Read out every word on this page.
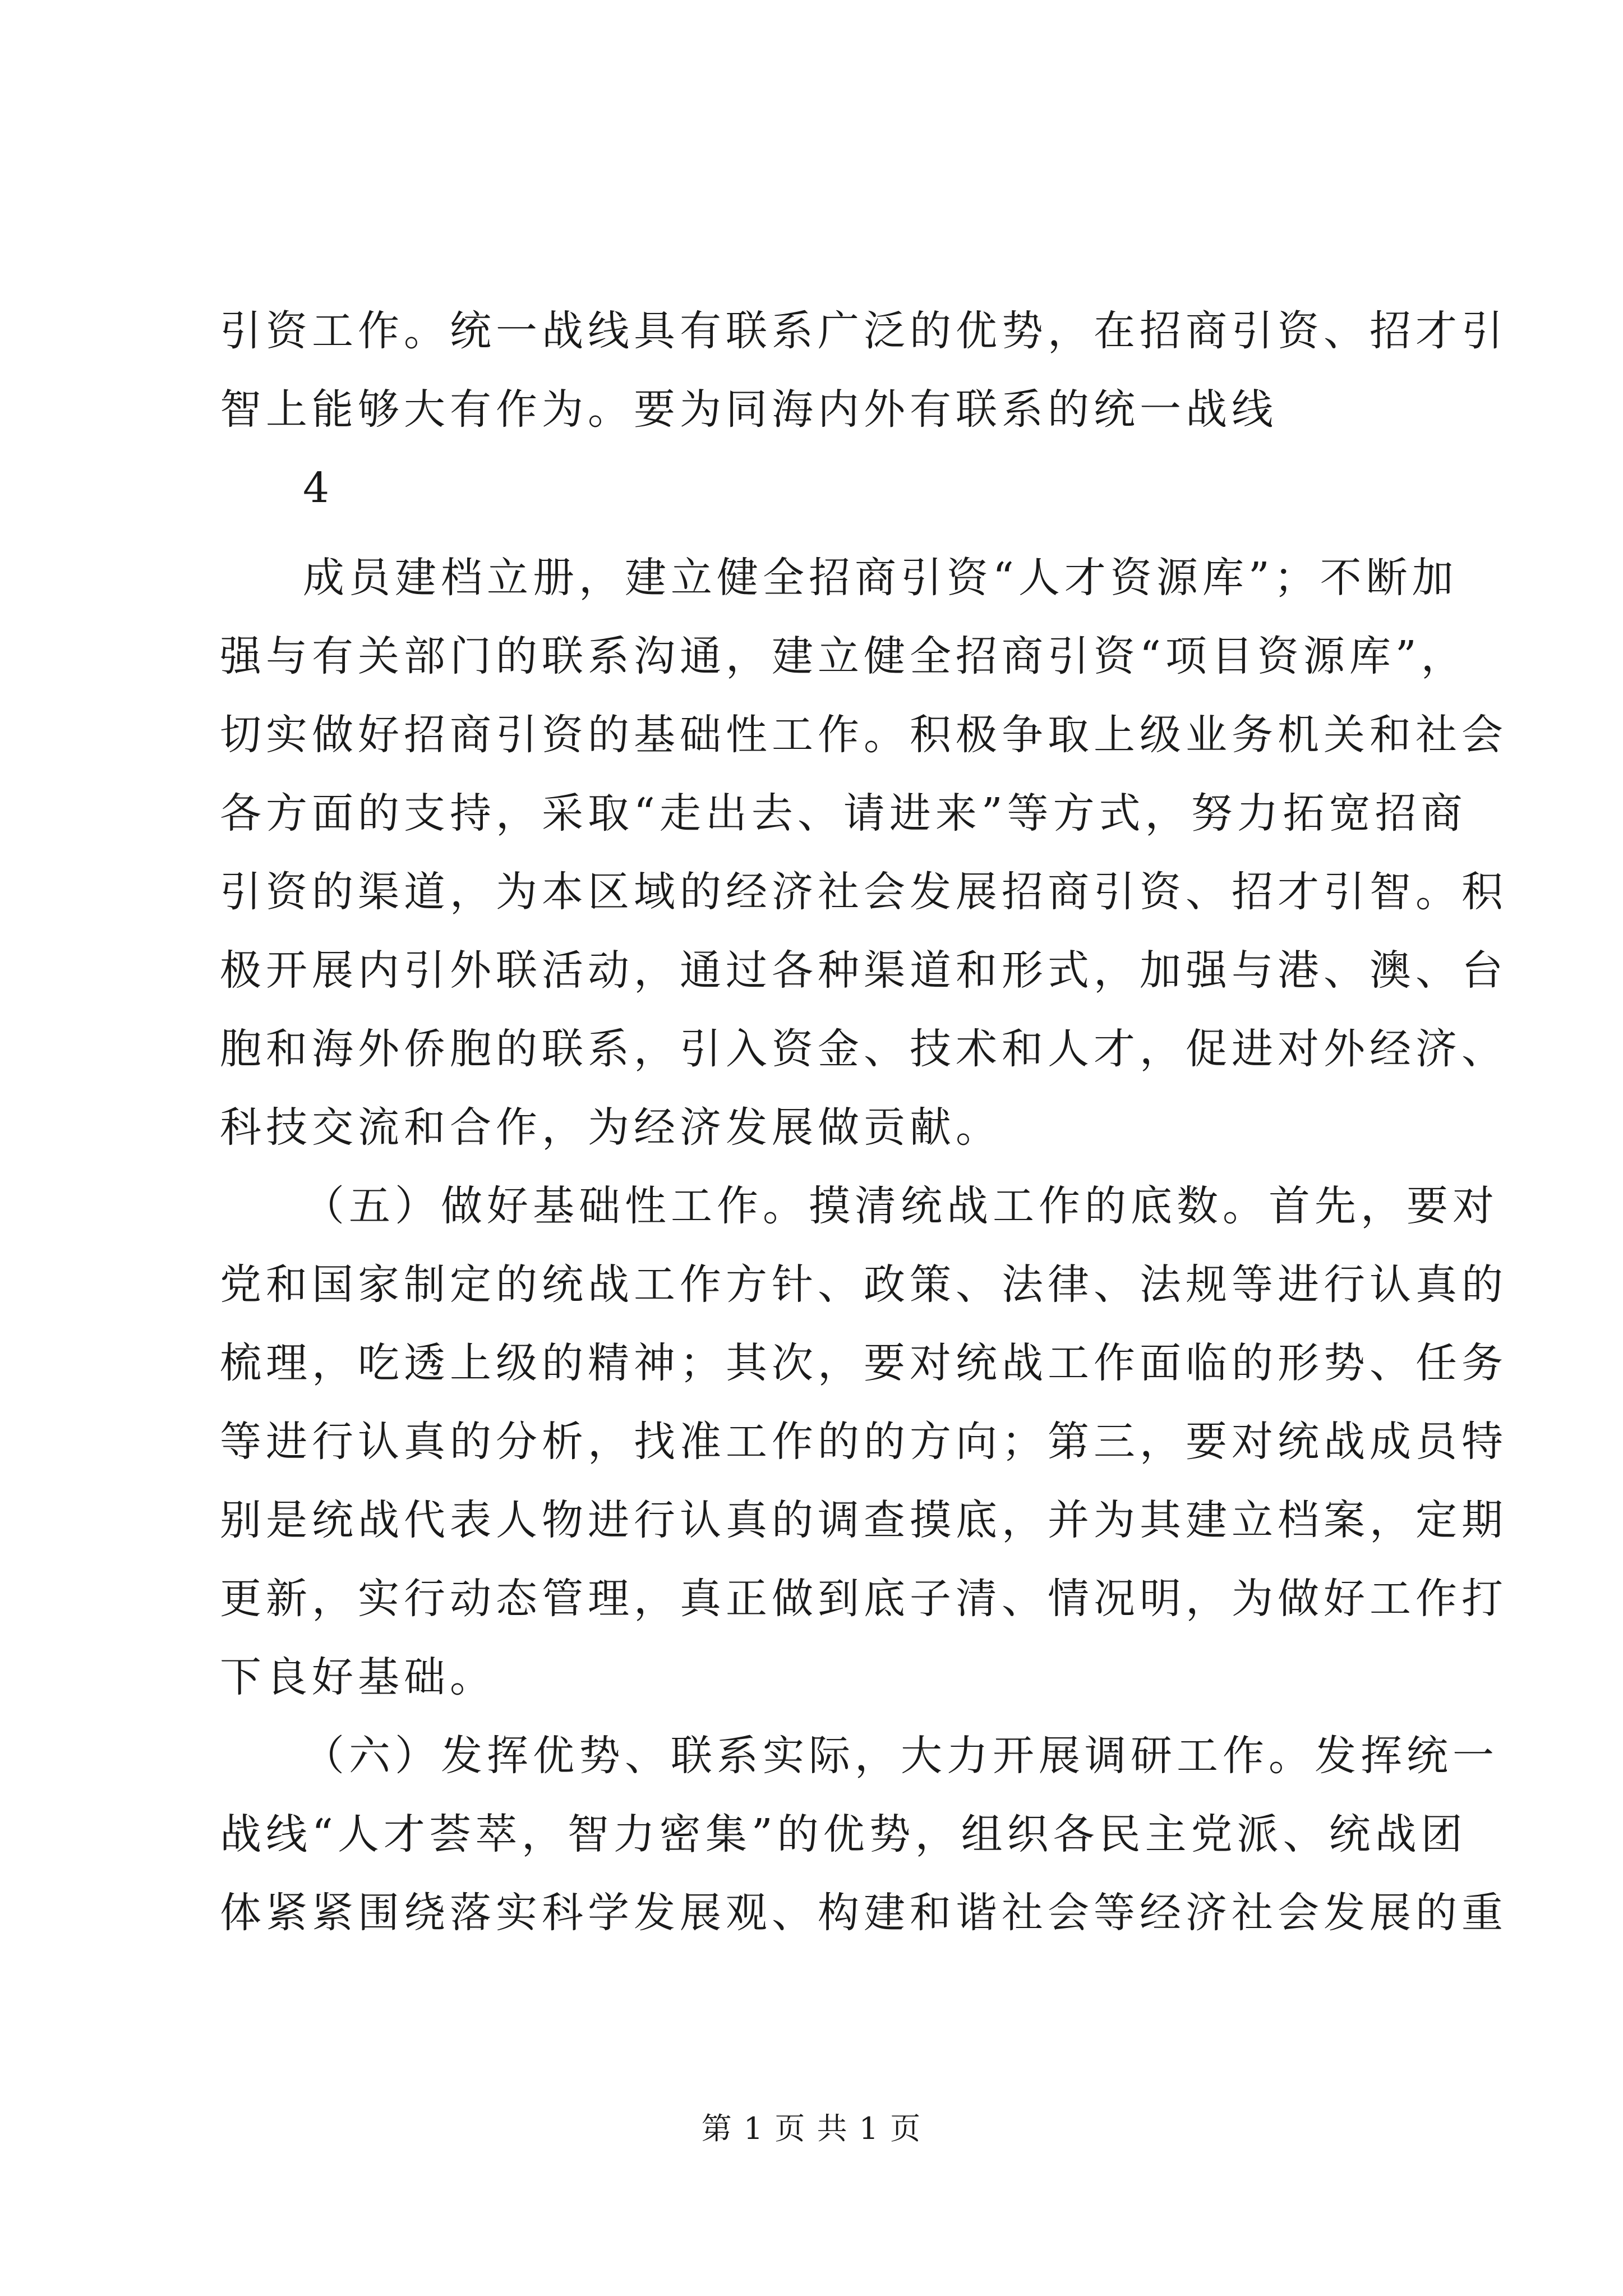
引资工作。统一战线具有联系广泛的优势，在招商引资、招才引
智上能够大有作为。要为同海内外有联系的统一战线
4
成员建档立册，建立健全招商引资“人才资源库”；不断加
强与有关部门的联系沟通，建立健全招商引资“项目资源库”，
切实做好招商引资的基础性工作。积极争取上级业务机关和社会
各方面的支持，采取“走出去、请进来”等方式，努力拓宽招商
引资的渠道，为本区域的经济社会发展招商引资、招才引智。积
极开展内引外联活动，通过各种渠道和形式，加强与港、澳、台
胞和海外侨胞的联系，引入资金、技术和人才，促进对外经济、
科技交流和合作，为经济发展做贡献。
（五）做好基础性工作。摸清统战工作的底数。首先，要对
党和国家制定的统战工作方针、政策、法律、法规等进行认真的
梳理，吃透上级的精神；其次，要对统战工作面临的形势、任务
等进行认真的分析，找准工作的的方向；第三，要对统战成员特
别是统战代表人物进行认真的调查摸底，并为其建立档案，定期
更新，实行动态管理，真正做到底子清、情况明，为做好工作打
下良好基础。
（六）发挥优势、联系实际，大力开展调研工作。发挥统一
战线“人才荟萃，智力密集”的优势，组织各民主党派、统战团
体紧紧围绕落实科学发展观、构建和谐社会等经济社会发展的重
第 1 页 共 1 页
